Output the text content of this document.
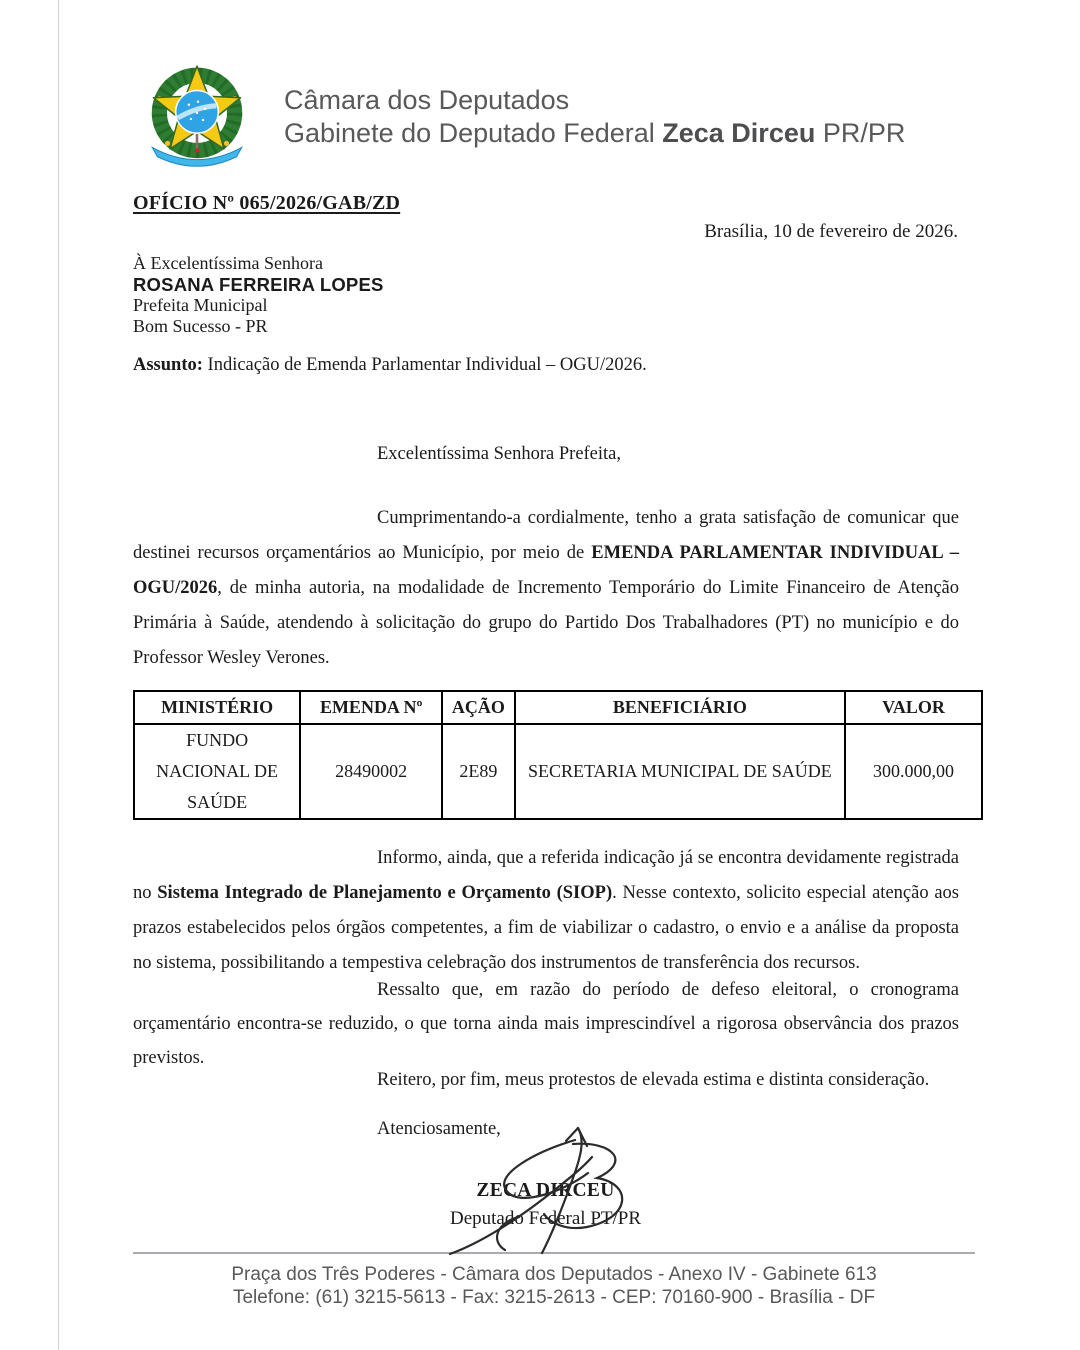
Câmara dos Deputados
Gabinete do Deputado Federal Zeca Dirceu PR/PR
OFÍCIO Nº 065/2026/GAB/ZD
Brasília, 10 de fevereiro de 2026.
À Excelentíssima Senhora
ROSANA FERREIRA LOPES
Prefeita Municipal
Bom Sucesso - PR
Assunto: Indicação de Emenda Parlamentar Individual – OGU/2026.
Excelentíssima Senhora Prefeita,
Cumprimentando-a cordialmente, tenho a grata satisfação de comunicar que destinei recursos orçamentários ao Município, por meio de EMENDA PARLAMENTAR INDIVIDUAL – OGU/2026, de minha autoria, na modalidade de Incremento Temporário do Limite Financeiro de Atenção Primária à Saúde, atendendo à solicitação do grupo do Partido Dos Trabalhadores (PT) no município e do Professor Wesley Verones.
MINISTÉRIO	EMENDA Nº	AÇÃO	BENEFICIÁRIO	VALOR
FUNDO NACIONAL DE SAÚDE	28490002	2E89	SECRETARIA MUNICIPAL DE SAÚDE	300.000,00
Informo, ainda, que a referida indicação já se encontra devidamente registrada no Sistema Integrado de Planejamento e Orçamento (SIOP). Nesse contexto, solicito especial atenção aos prazos estabelecidos pelos órgãos competentes, a fim de viabilizar o cadastro, o envio e a análise da proposta no sistema, possibilitando a tempestiva celebração dos instrumentos de transferência dos recursos.
Ressalto que, em razão do período de defeso eleitoral, o cronograma orçamentário encontra-se reduzido, o que torna ainda mais imprescindível a rigorosa observância dos prazos previstos.
Reitero, por fim, meus protestos de elevada estima e distinta consideração.
Atenciosamente,
ZECA DIRCEU
Deputado Federal PT/PR
Praça dos Três Poderes - Câmara dos Deputados - Anexo IV - Gabinete 613
Telefone: (61) 3215-5613 - Fax: 3215-2613 - CEP: 70160-900 - Brasília - DF
